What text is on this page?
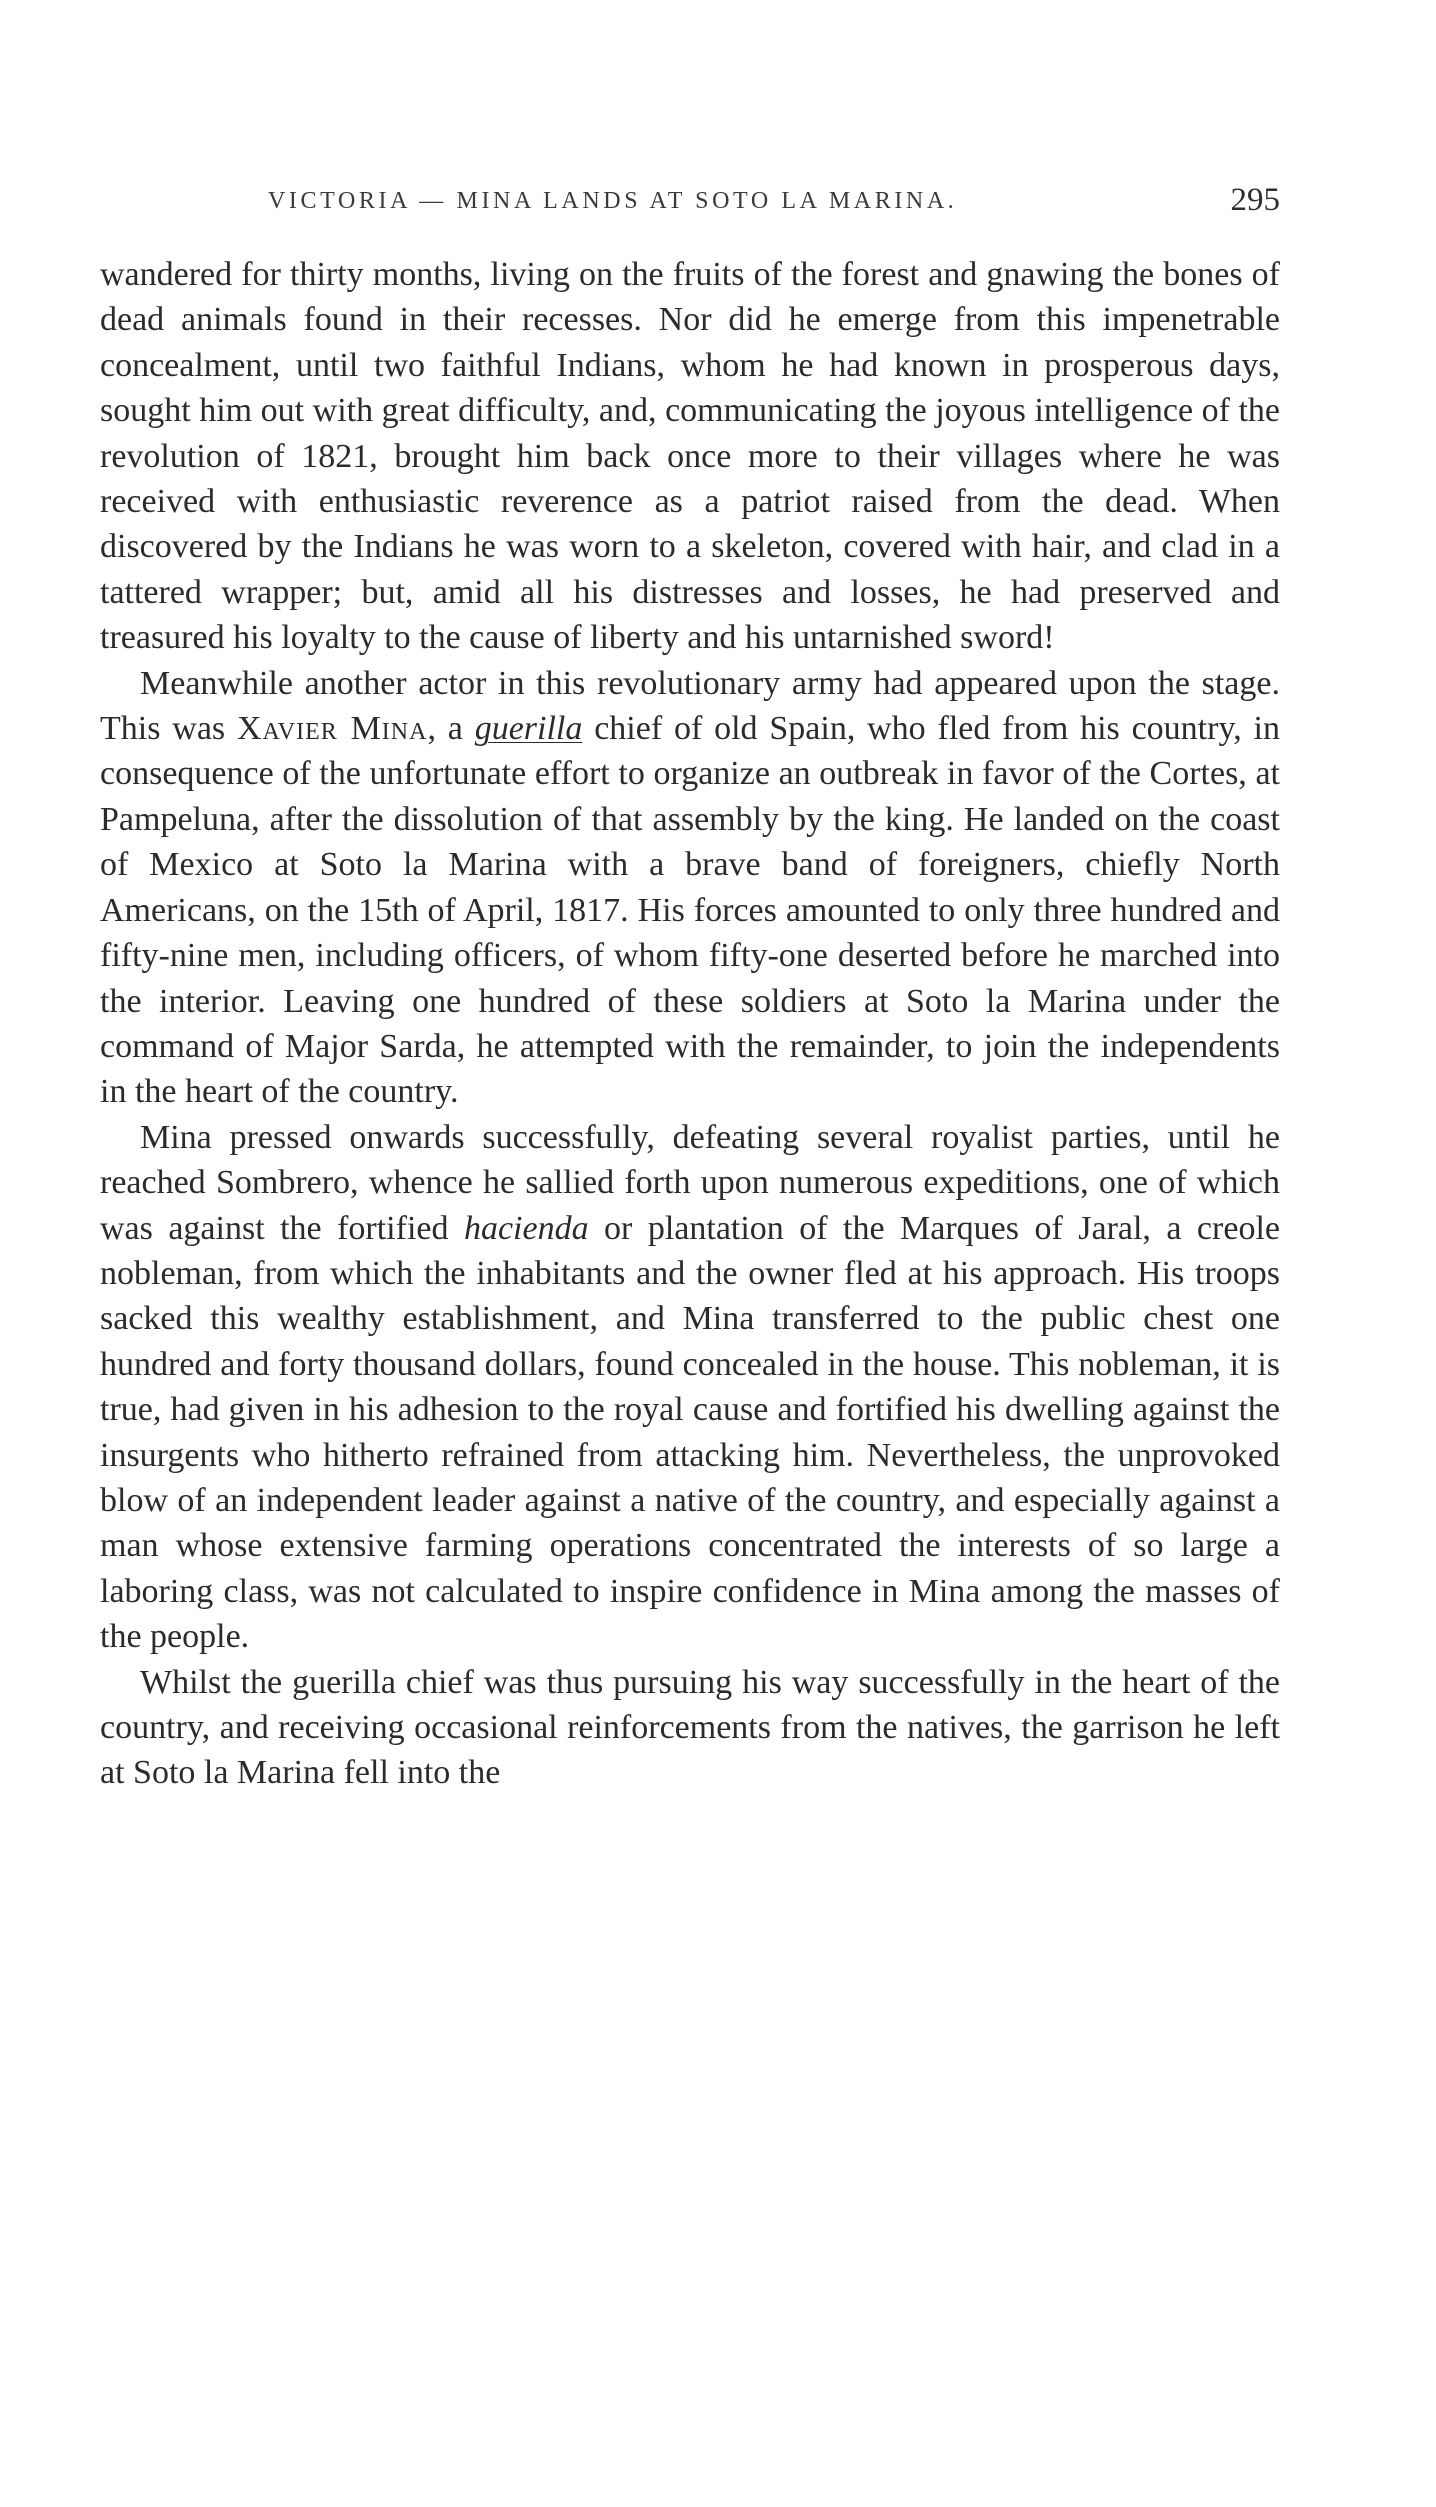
VICTORIA — MINA LANDS AT SOTO LA MARINA.	295

wandered for thirty months, living on the fruits of the forest and gnawing the bones of dead animals found in their recesses. Nor did he emerge from this impenetrable concealment, until two faithful Indians, whom he had known in prosperous days, sought him out with great difficulty, and, communicating the joyous intelligence of the revolution of 1821, brought him back once more to their villages where he was received with enthusiastic reverence as a patriot raised from the dead. When discovered by the Indians he was worn to a skeleton, covered with hair, and clad in a tattered wrapper; but, amid all his distresses and losses, he had preserved and treasured his loyalty to the cause of liberty and his untarnished sword!

Meanwhile another actor in this revolutionary army had appeared upon the stage. This was Xavier Mina, a guerilla chief of old Spain, who fled from his country, in consequence of the unfortunate effort to organize an outbreak in favor of the Cortes, at Pampeluna, after the dissolution of that assembly by the king. He landed on the coast of Mexico at Soto la Marina with a brave band of foreigners, chiefly North Americans, on the 15th of April, 1817. His forces amounted to only three hundred and fifty-nine men, including officers, of whom fifty-one deserted before he marched into the interior. Leaving one hundred of these soldiers at Soto la Marina under the command of Major Sarda, he attempted with the remainder, to join the independents in the heart of the country.

Mina pressed onwards successfully, defeating several royalist parties, until he reached Sombrero, whence he sallied forth upon numerous expeditions, one of which was against the fortified hacienda or plantation of the Marques of Jaral, a creole nobleman, from which the inhabitants and the owner fled at his approach. His troops sacked this wealthy establishment, and Mina transferred to the public chest one hundred and forty thousand dollars, found concealed in the house. This nobleman, it is true, had given in his adhesion to the royal cause and fortified his dwelling against the insurgents who hitherto refrained from attacking him. Nevertheless, the unprovoked blow of an independent leader against a native of the country, and especially against a man whose extensive farming operations concentrated the interests of so large a laboring class, was not calculated to inspire confidence in Mina among the masses of the people.

Whilst the guerilla chief was thus pursuing his way successfully in the heart of the country, and receiving occasional reinforcements from the natives, the garrison he left at Soto la Marina fell into the
